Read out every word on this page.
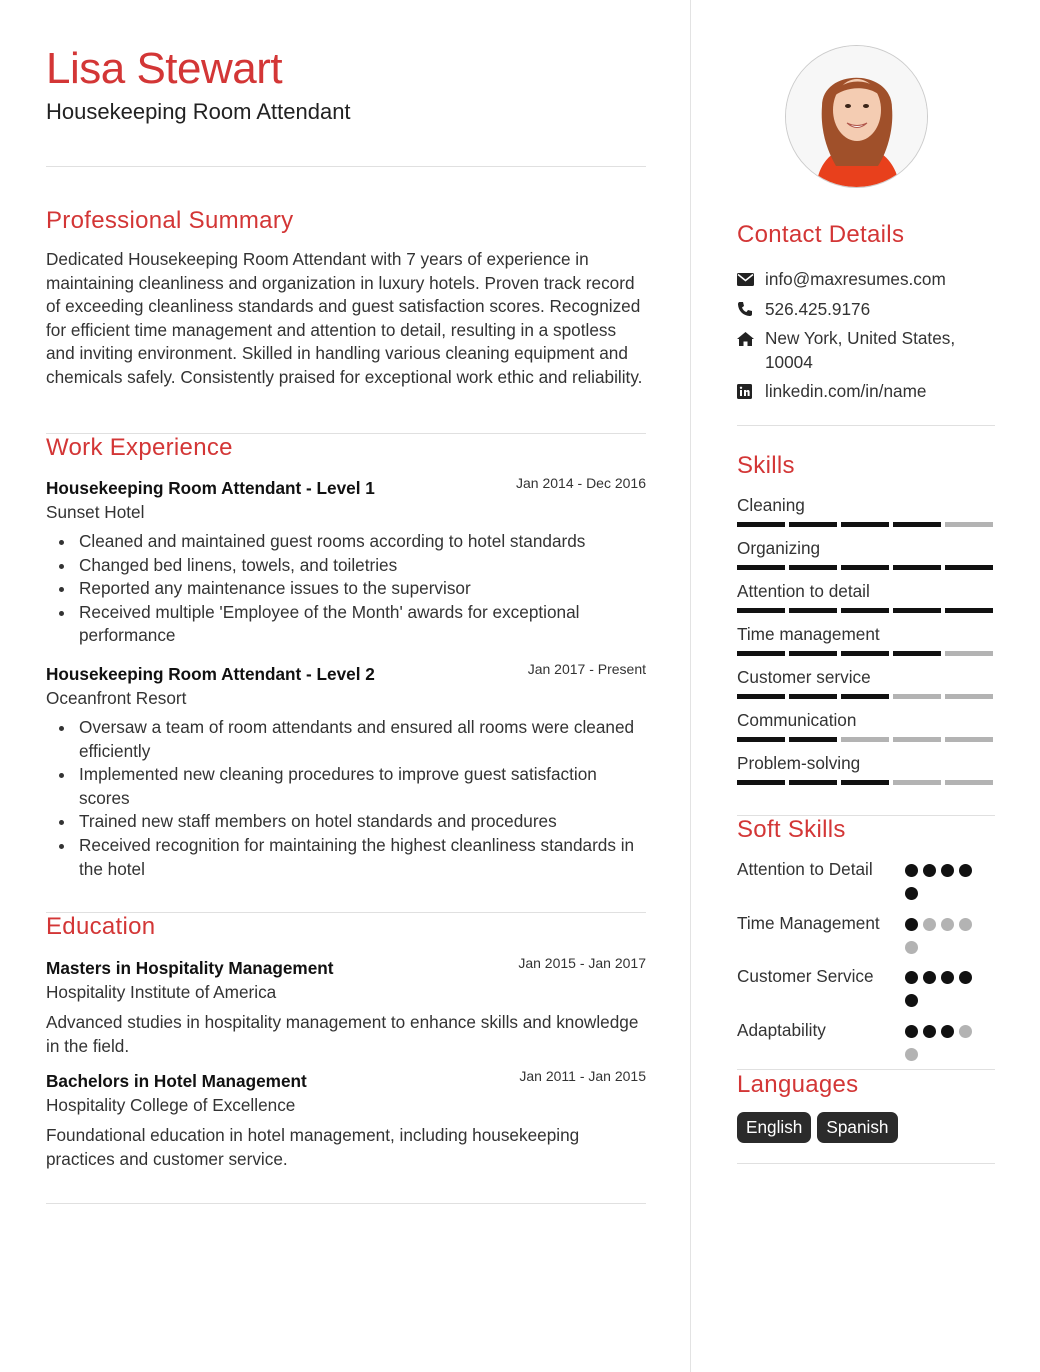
Lisa Stewart
Housekeeping Room Attendant
Professional Summary
Dedicated Housekeeping Room Attendant with 7 years of experience in maintaining cleanliness and organization in luxury hotels. Proven track record of exceeding cleanliness standards and guest satisfaction scores. Recognized for efficient time management and attention to detail, resulting in a spotless and inviting environment. Skilled in handling various cleaning equipment and chemicals safely. Consistently praised for exceptional work ethic and reliability.
Work Experience
Housekeeping Room Attendant - Level 1	Jan 2014 - Dec 2016
Sunset Hotel
Cleaned and maintained guest rooms according to hotel standards
Changed bed linens, towels, and toiletries
Reported any maintenance issues to the supervisor
Received multiple 'Employee of the Month' awards for exceptional performance
Housekeeping Room Attendant - Level 2	Jan 2017 - Present
Oceanfront Resort
Oversaw a team of room attendants and ensured all rooms were cleaned efficiently
Implemented new cleaning procedures to improve guest satisfaction scores
Trained new staff members on hotel standards and procedures
Received recognition for maintaining the highest cleanliness standards in the hotel
Education
Masters in Hospitality Management	Jan 2015 - Jan 2017
Hospitality Institute of America
Advanced studies in hospitality management to enhance skills and knowledge in the field.
Bachelors in Hotel Management	Jan 2011 - Jan 2015
Hospitality College of Excellence
Foundational education in hotel management, including housekeeping practices and customer service.
Contact Details
info@maxresumes.com
526.425.9176
New York, United States, 10004
linkedin.com/in/name
Skills
Cleaning
Organizing
Attention to detail
Time management
Customer service
Communication
Problem-solving
Soft Skills
Attention to Detail
Time Management
Customer Service
Adaptability
Languages
English	Spanish
